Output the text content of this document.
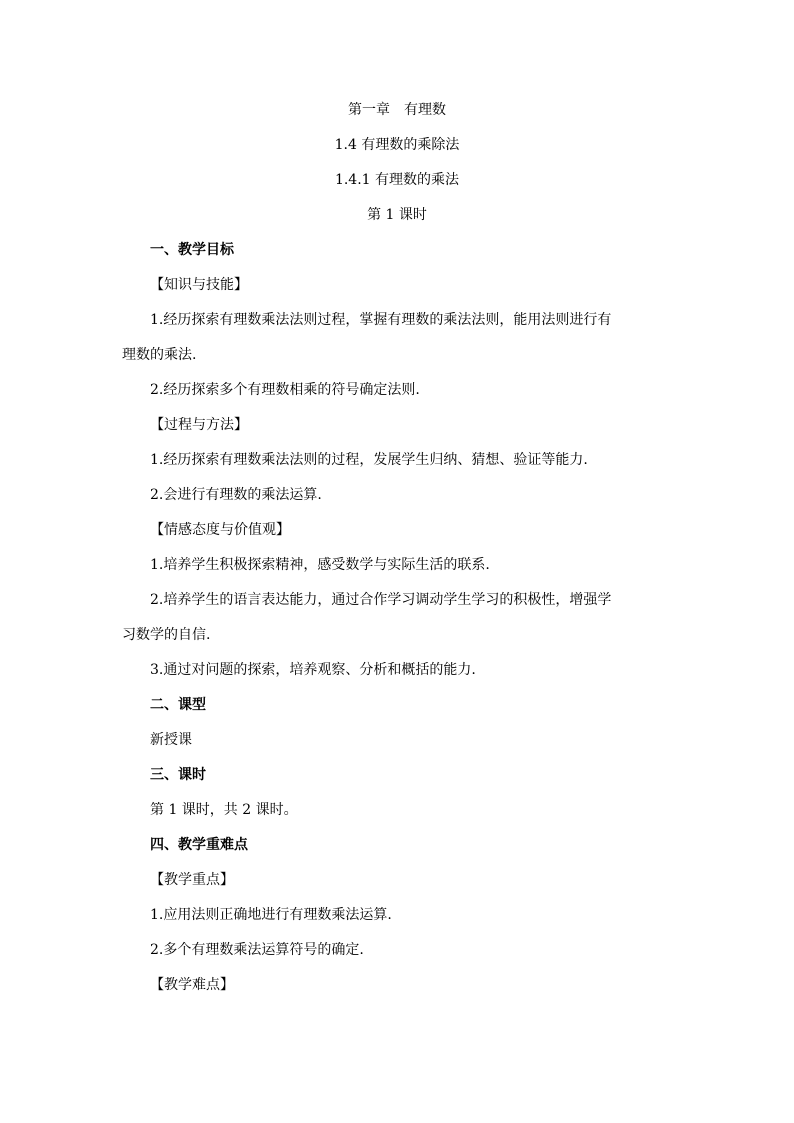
第一章　有理数
1.4 有理数的乘除法
1.4.1 有理数的乘法
第 1 课时
一、教学目标
【知识与技能】
1.经历探索有理数乘法法则过程，掌握有理数的乘法法则，能用法则进行有
理数的乘法.
2.经历探索多个有理数相乘的符号确定法则.
【过程与方法】
1.经历探索有理数乘法法则的过程，发展学生归纳、猜想、验证等能力.
2.会进行有理数的乘法运算.
【情感态度与价值观】
1.培养学生积极探索精神，感受数学与实际生活的联系.
2.培养学生的语言表达能力，通过合作学习调动学生学习的积极性，增强学
习数学的自信.
3.通过对问题的探索，培养观察、分析和概括的能力.
二、课型
新授课
三、课时
第 1 课时，共 2 课时。
四、教学重难点
【教学重点】
1.应用法则正确地进行有理数乘法运算.
2.多个有理数乘法运算符号的确定.
【教学难点】
